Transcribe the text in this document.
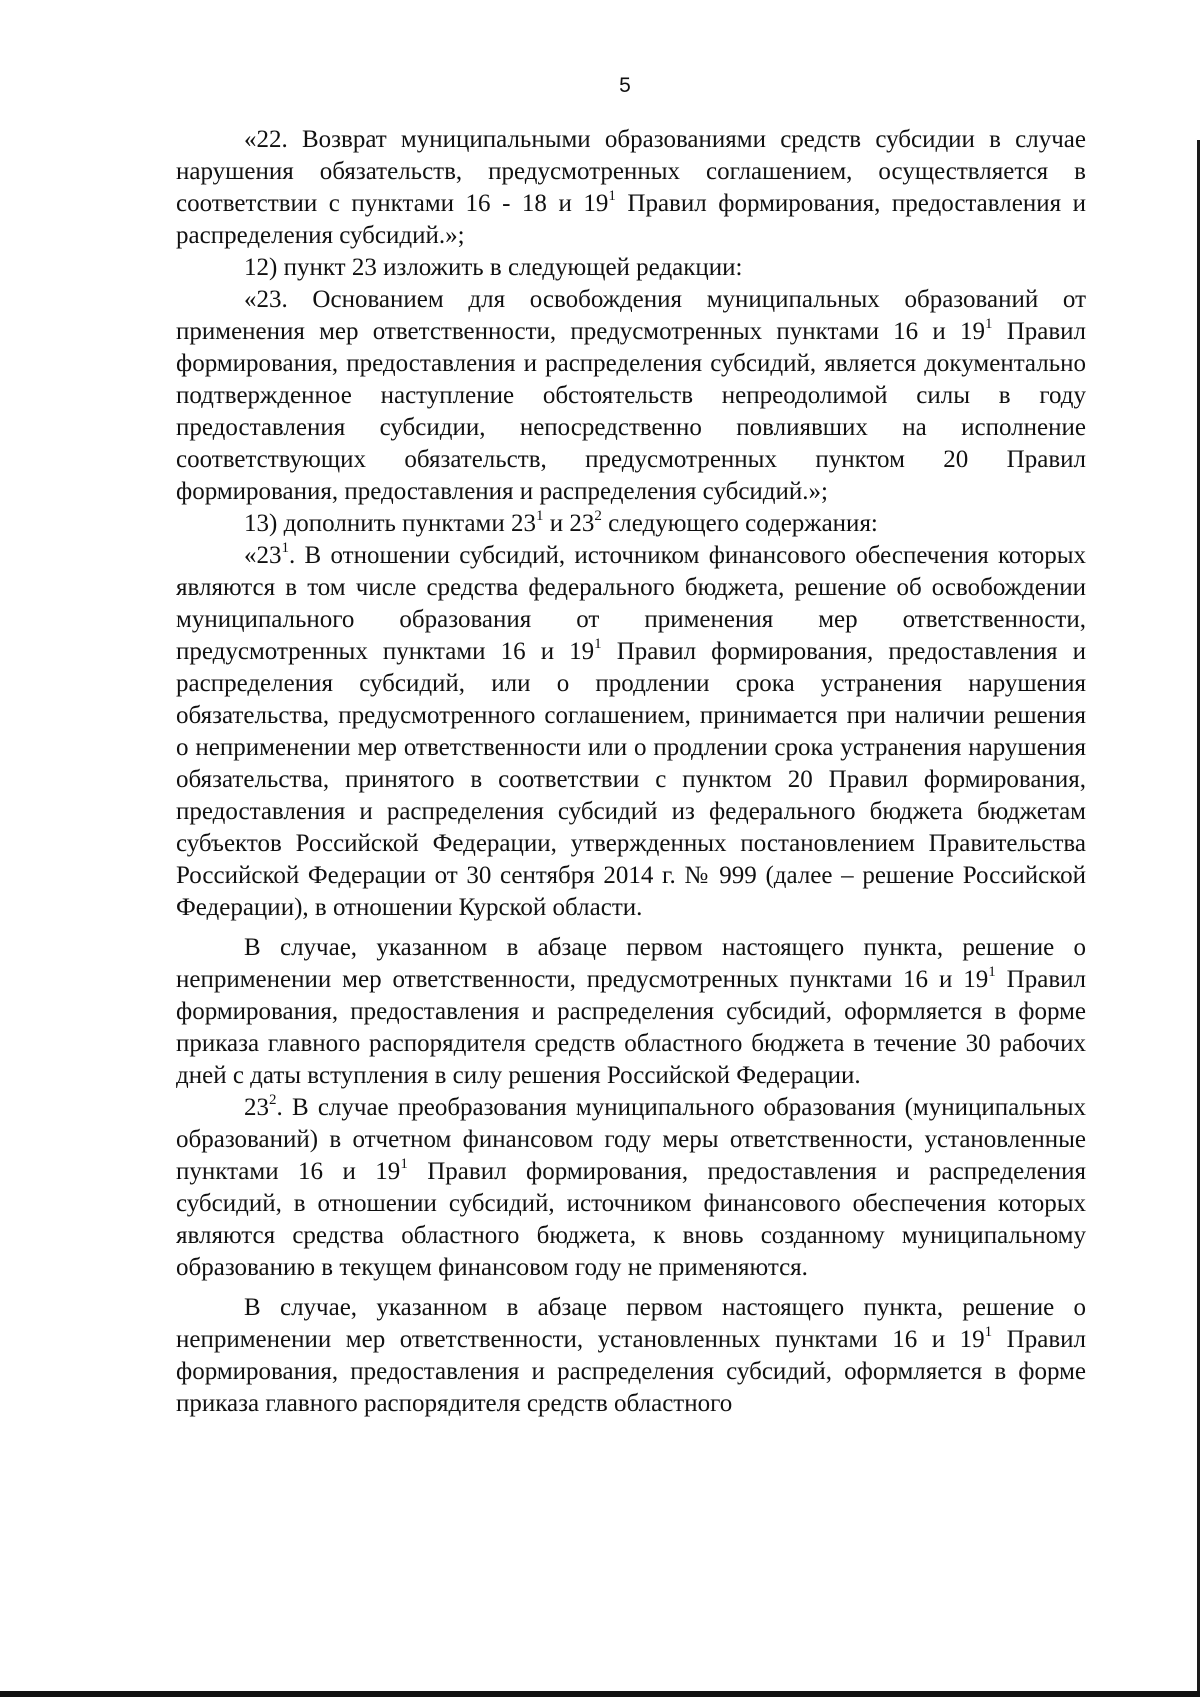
5

«22. Возврат муниципальными образованиями средств субсидии в случае нарушения обязательств, предусмотренных соглашением, осуществляется в соответствии с пунктами 16 - 18 и $19^1$ Правил формирования, предоставления и распределения субсидий.»;

12) пункт 23 изложить в следующей редакции:

«23. Основанием для освобождения муниципальных образований от применения мер ответственности, предусмотренных пунктами 16 и $19^1$ Правил формирования, предоставления и распределения субсидий, является документально подтвержденное наступление обстоятельств непреодолимой силы в году предоставления субсидии, непосредственно повлиявших на исполнение соответствующих обязательств, предусмотренных пунктом 20 Правил формирования, предоставления и распределения субсидий.»;

13) дополнить пунктами $23^1$ и $23^2$ следующего содержания:

«$23^1$. В отношении субсидий, источником финансового обеспечения которых являются в том числе средства федерального бюджета, решение об освобождении муниципального образования от применения мер ответственности, предусмотренных пунктами 16 и $19^1$ Правил формирования, предоставления и распределения субсидий, или о продлении срока устранения нарушения обязательства, предусмотренного соглашением, принимается при наличии решения о неприменении мер ответственности или о продлении срока устранения нарушения обязательства, принятого в соответствии с пунктом 20 Правил формирования, предоставления и распределения субсидий из федерального бюджета бюджетам субъектов Российской Федерации, утвержденных постановлением Правительства Российской Федерации от 30 сентября 2014 г. № 999 (далее – решение Российской Федерации), в отношении Курской области.

В случае, указанном в абзаце первом настоящего пункта, решение о неприменении мер ответственности, предусмотренных пунктами 16 и $19^1$ Правил формирования, предоставления и распределения субсидий, оформляется в форме приказа главного распорядителя средств областного бюджета в течение 30 рабочих дней с даты вступления в силу решения Российской Федерации.

$23^2$. В случае преобразования муниципального образования (муниципальных образований) в отчетном финансовом году меры ответственности, установленные пунктами 16 и $19^1$ Правил формирования, предоставления и распределения субсидий, в отношении субсидий, источником финансового обеспечения которых являются средства областного бюджета, к вновь созданному муниципальному образованию в текущем финансовом году не применяются.

В случае, указанном в абзаце первом настоящего пункта, решение о неприменении мер ответственности, установленных пунктами 16 и $19^1$ Правил формирования, предоставления и распределения субсидий, оформляется в форме приказа главного распорядителя средств областного
